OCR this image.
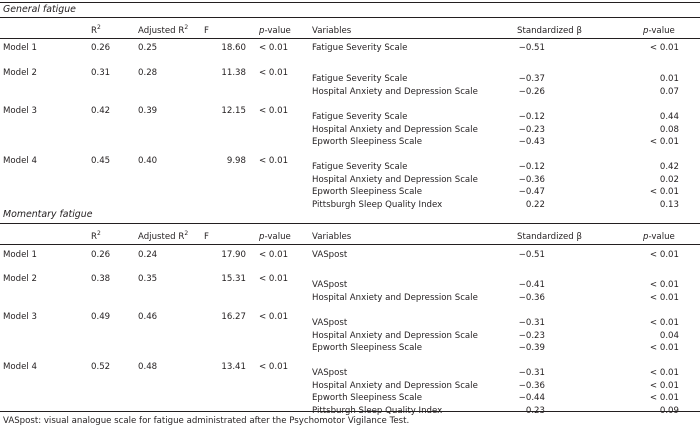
General fatigue
$R^2$	Adjusted $R^2$ F	p-value Variables	Standardized β	p-value
Model 1	0.26	0.25	18.60 < 0.01	Fatigue Severity Scale	−0.51	< 0.01
Model 2	0.31	0.28	11.38 < 0.01
Fatigue Severity Scale	−0.37	0.01
Hospital Anxiety and Depression Scale	−0.26	0.07
Model 3	0.42	0.39	12.15 < 0.01
Fatigue Severity Scale	−0.12	0.44
Hospital Anxiety and Depression Scale	−0.23	0.08
Epworth Sleepiness Scale	−0.43	< 0.01
Model 4	0.45	0.40	9.98 < 0.01
Fatigue Severity Scale	−0.12	0.42
Hospital Anxiety and Depression Scale	−0.36	0.02
Epworth Sleepiness Scale	−0.47	< 0.01
Pittsburgh Sleep Quality Index	0.22	0.13
Momentary fatigue
$R^2$	Adjusted $R^2$ F	p-value Variables	Standardized β	p-value
Model 1	0.26	0.24	17.90 < 0.01	VASpost	−0.51	< 0.01
Model 2	0.38	0.35	15.31 < 0.01
VASpost	−0.41	< 0.01
Hospital Anxiety and Depression Scale	−0.36	< 0.01
Model 3	0.49	0.46	16.27 < 0.01
VASpost	−0.31	< 0.01
Hospital Anxiety and Depression Scale	−0.23	0.04
Epworth Sleepiness Scale	−0.39	< 0.01
Model 4	0.52	0.48	13.41 < 0.01
VASpost	−0.31	< 0.01
Hospital Anxiety and Depression Scale	−0.36	< 0.01
Epworth Sleepiness Scale	−0.44	< 0.01
Pittsburgh Sleep Quality Index	0.23	0.09
VASpost: visual analogue scale for fatigue administrated after the Psychomotor Vigilance Test.
